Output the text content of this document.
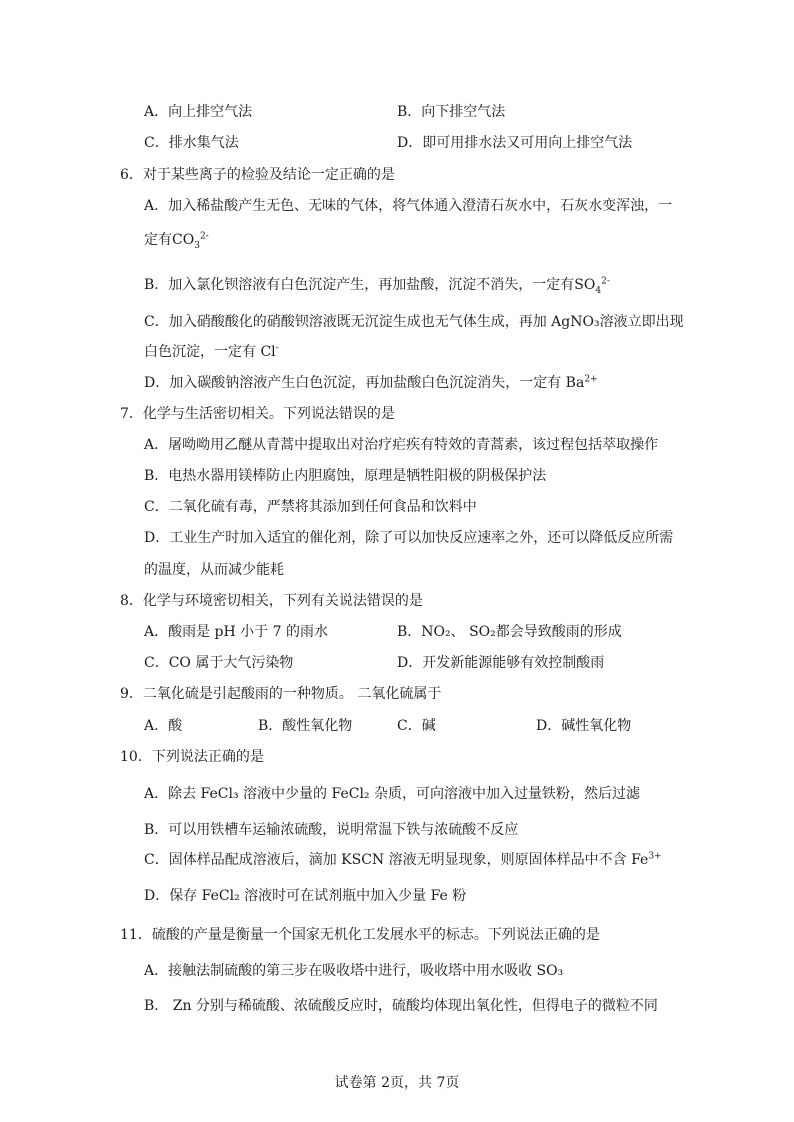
A．向上排空气法	B．向下排空气法
C．排水集气法	D．即可用排水法又可用向上排空气法
6．对于某些离子的检验及结论一定正确的是
A．加入稀盐酸产生无色、无味的气体，将气体通入澄清石灰水中，石灰水变浑浊，一
定有$CO_3^{2-}$
B．加入氯化钡溶液有白色沉淀产生，再加盐酸，沉淀不消失，一定有$SO_4^{2-}$
C．加入硝酸酸化的硝酸钡溶液既无沉淀生成也无气体生成，再加 AgNO₃溶液立即出现
白色沉淀，一定有 Cl-
D．加入碳酸钠溶液产生白色沉淀，再加盐酸白色沉淀消失，一定有 $Ba^{2+}$
7．化学与生活密切相关。下列说法错误的是
A．屠呦呦用乙醚从青蒿中提取出对治疗疟疾有特效的青蒿素，该过程包括萃取操作
B．电热水器用镁棒防止内胆腐蚀，原理是牺牲阳极的阴极保护法
C．二氧化硫有毒，严禁将其添加到任何食品和饮料中
D．工业生产时加入适宜的催化剂，除了可以加快反应速率之外，还可以降低反应所需
的温度，从而减少能耗
8．化学与环境密切相关，下列有关说法错误的是
A．酸雨是 pH 小于 7 的雨水	B．NO₂、 SO₂都会导致酸雨的形成
C．CO 属于大气污染物	D．开发新能源能够有效控制酸雨
9．二氧化硫是引起酸雨的一种物质。 二氧化硫属于
A．酸	B．酸性氧化物	C．碱	D．碱性氧化物
10．下列说法正确的是
A．除去 FeCl₃ 溶液中少量的 FeCl₂ 杂质，可向溶液中加入过量铁粉，然后过滤
B．可以用铁槽车运输浓硫酸，说明常温下铁与浓硫酸不反应
C．固体样品配成溶液后，滴加 KSCN 溶液无明显现象，则原固体样品中不含 $Fe^{3+}$
D．保存 FeCl₂ 溶液时可在试剂瓶中加入少量 Fe 粉
11．硫酸的产量是衡量一个国家无机化工发展水平的标志。下列说法正确的是
A．接触法制硫酸的第三步在吸收塔中进行，吸收塔中用水吸收 SO₃
B． Zn 分别与稀硫酸、浓硫酸反应时，硫酸均体现出氧化性，但得电子的微粒不同
试卷第 2页，共 7页
